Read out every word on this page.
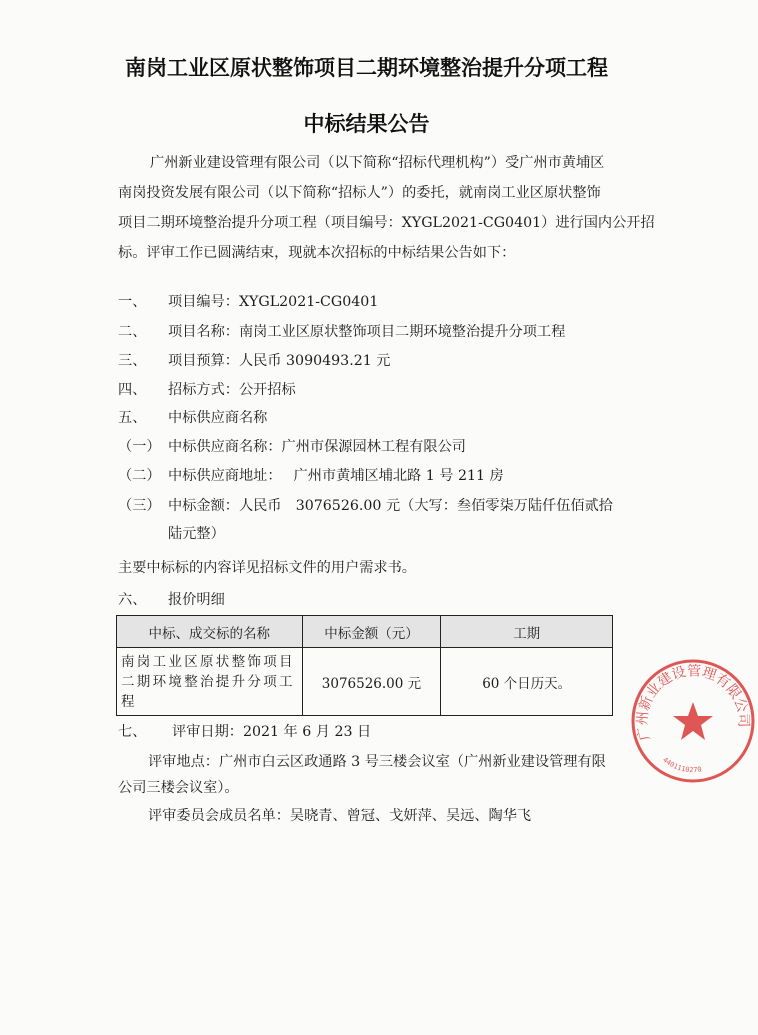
南岗工业区原状整饰项目二期环境整治提升分项工程
中标结果公告
广州新业建设管理有限公司（以下简称“招标代理机构”）受广州市黄埔区
南岗投资发展有限公司（以下简称“招标人”）的委托，就南岗工业区原状整饰
项目二期环境整治提升分项工程（项目编号：XYGL2021-CG0401）进行国内公开招
标。评审工作已圆满结束，现就本次招标的中标结果公告如下：
一、 项目编号：XYGL2021-CG0401
二、 项目名称：南岗工业区原状整饰项目二期环境整治提升分项工程
三、 项目预算：人民币 3090493.21 元
四、 招标方式：公开招标
五、 中标供应商名称
（一） 中标供应商名称：广州市保源园林工程有限公司
（二） 中标供应商地址： 广州市黄埔区埔北路 1 号 211 房
（三） 中标金额：人民币　3076526.00 元（大写：叁佰零柒万陆仟伍佰贰拾
陆元整）
主要中标标的内容详见招标文件的用户需求书。
六、 报价明细
中标、成交标的名称	中标金额（元）	工期
南岗工业区原状整饰项目二期环境整治提升分项工程	3076526.00 元	60 个日历天。
七、 评审日期：2021 年 6 月 23 日
评审地点：广州市白云区政通路 3 号三楼会议室（广州新业建设管理有限
公司三楼会议室）。
评审委员会成员名单：吴晓青、曾冠、戈妍萍、吴远、陶华飞
广州新业建设管理有限公司
4401110270
